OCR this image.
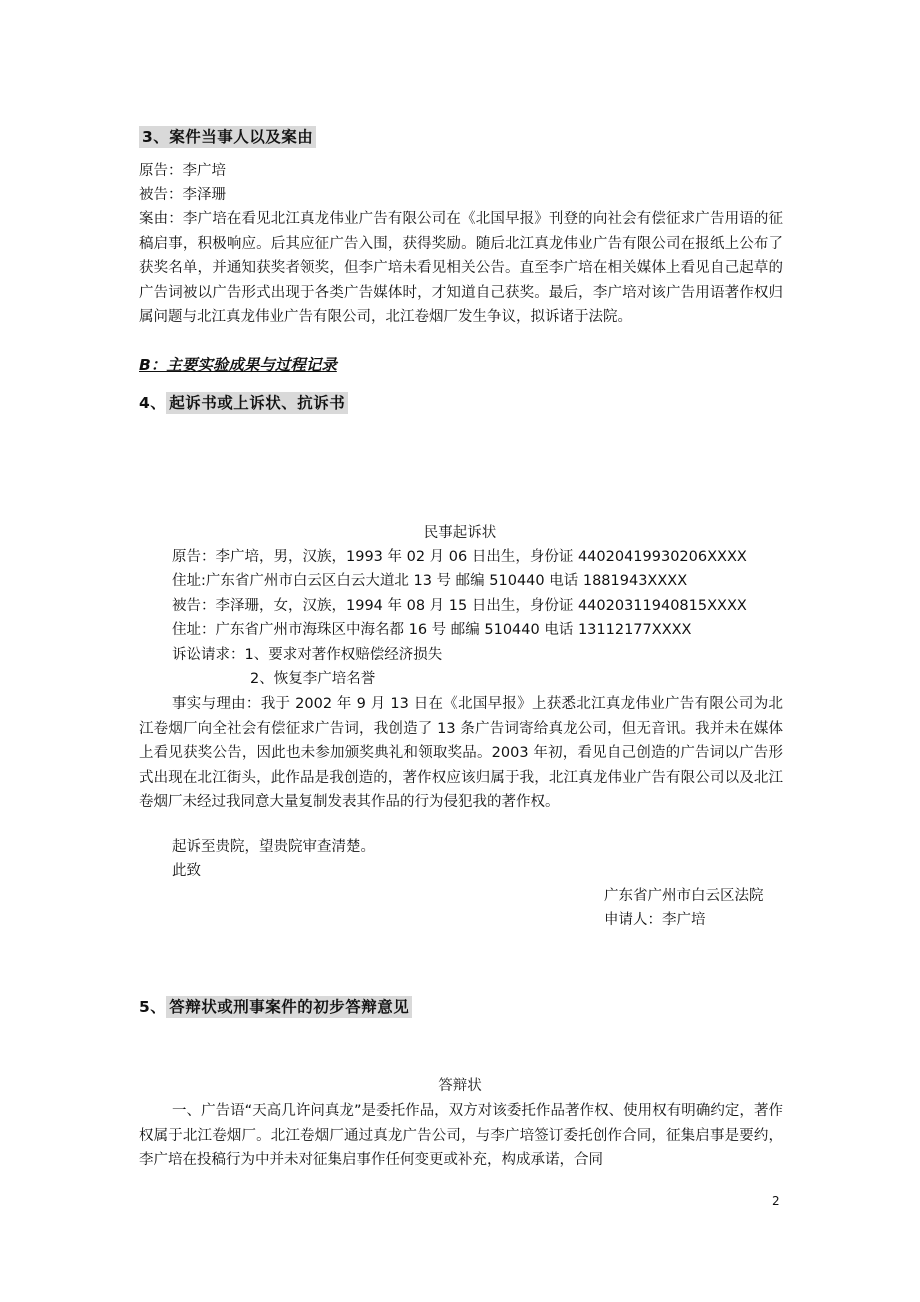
3、案件当事人以及案由
原告：李广培
被告：李泽珊
案由：李广培在看见北江真龙伟业广告有限公司在《北国早报》刊登的向社会有偿征求广告用语的征稿启事，积极响应。后其应征广告入围，获得奖励。随后北江真龙伟业广告有限公司在报纸上公布了获奖名单，并通知获奖者领奖，但李广培未看见相关公告。直至李广培在相关媒体上看见自己起草的广告词被以广告形式出现于各类广告媒体时，才知道自己获奖。最后，李广培对该广告用语著作权归属问题与北江真龙伟业广告有限公司，北江卷烟厂发生争议，拟诉诸于法院。
B：主要实验成果与过程记录
4、 起诉书或上诉状、抗诉书
民事起诉状
原告：李广培，男，汉族，1993 年 02 月 06 日出生，身份证 44020419930206XXXX
住址:广东省广州市白云区白云大道北 13 号 邮编 510440 电话 1881943XXXX
被告：李泽珊，女，汉族，1994 年 08 月 15 日出生，身份证 44020311940815XXXX
住址：广东省广州市海珠区中海名都 16 号 邮编 510440 电话 13112177XXXX
诉讼请求：1、要求对著作权赔偿经济损失
2、恢复李广培名誉
事实与理由：我于 2002 年 9 月 13 日在《北国早报》上获悉北江真龙伟业广告有限公司为北江卷烟厂向全社会有偿征求广告词，我创造了 13 条广告词寄给真龙公司，但无音讯。我并未在媒体上看见获奖公告，因此也未参加颁奖典礼和领取奖品。2003 年初，看见自己创造的广告词以广告形式出现在北江街头，此作品是我创造的，著作权应该归属于我，北江真龙伟业广告有限公司以及北江卷烟厂未经过我同意大量复制发表其作品的行为侵犯我的著作权。
起诉至贵院，望贵院审查清楚。
此致
广东省广州市白云区法院
申请人：李广培
5、 答辩状或刑事案件的初步答辩意见
答辩状
一、广告语“天高几许问真龙”是委托作品，双方对该委托作品著作权、使用权有明确约定，著作权属于北江卷烟厂。北江卷烟厂通过真龙广告公司，与李广培签订委托创作合同，征集启事是要约，李广培在投稿行为中并未对征集启事作任何变更或补充，构成承诺，合同
2
